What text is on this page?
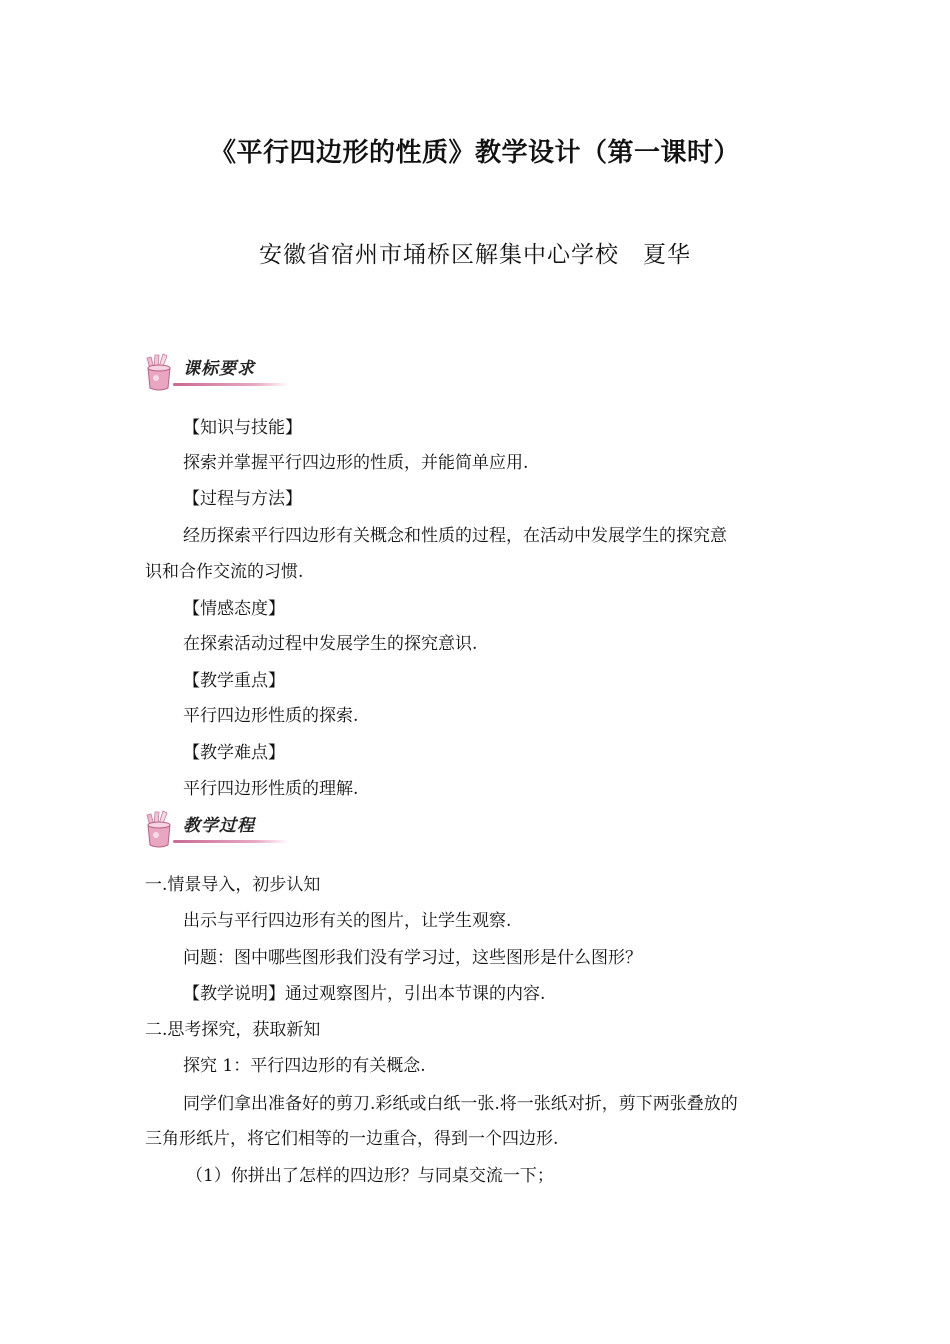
《平行四边形的性质》教学设计（第一课时）
安徽省宿州市埇桥区解集中心学校　夏华
课标要求
【知识与技能】
探索并掌握平行四边形的性质，并能简单应用.
【过程与方法】
经历探索平行四边形有关概念和性质的过程，在活动中发展学生的探究意
识和合作交流的习惯.
【情感态度】
在探索活动过程中发展学生的探究意识.
【教学重点】
平行四边形性质的探索.
【教学难点】
平行四边形性质的理解.
教学过程
一.情景导入，初步认知
出示与平行四边形有关的图片，让学生观察.
问题：图中哪些图形我们没有学习过，这些图形是什么图形？
【教学说明】通过观察图片，引出本节课的内容.
二.思考探究，获取新知
探究 1：平行四边形的有关概念.
同学们拿出准备好的剪刀.彩纸或白纸一张.将一张纸对折，剪下两张叠放的
三角形纸片，将它们相等的一边重合，得到一个四边形.
（1）你拼出了怎样的四边形？与同桌交流一下；
